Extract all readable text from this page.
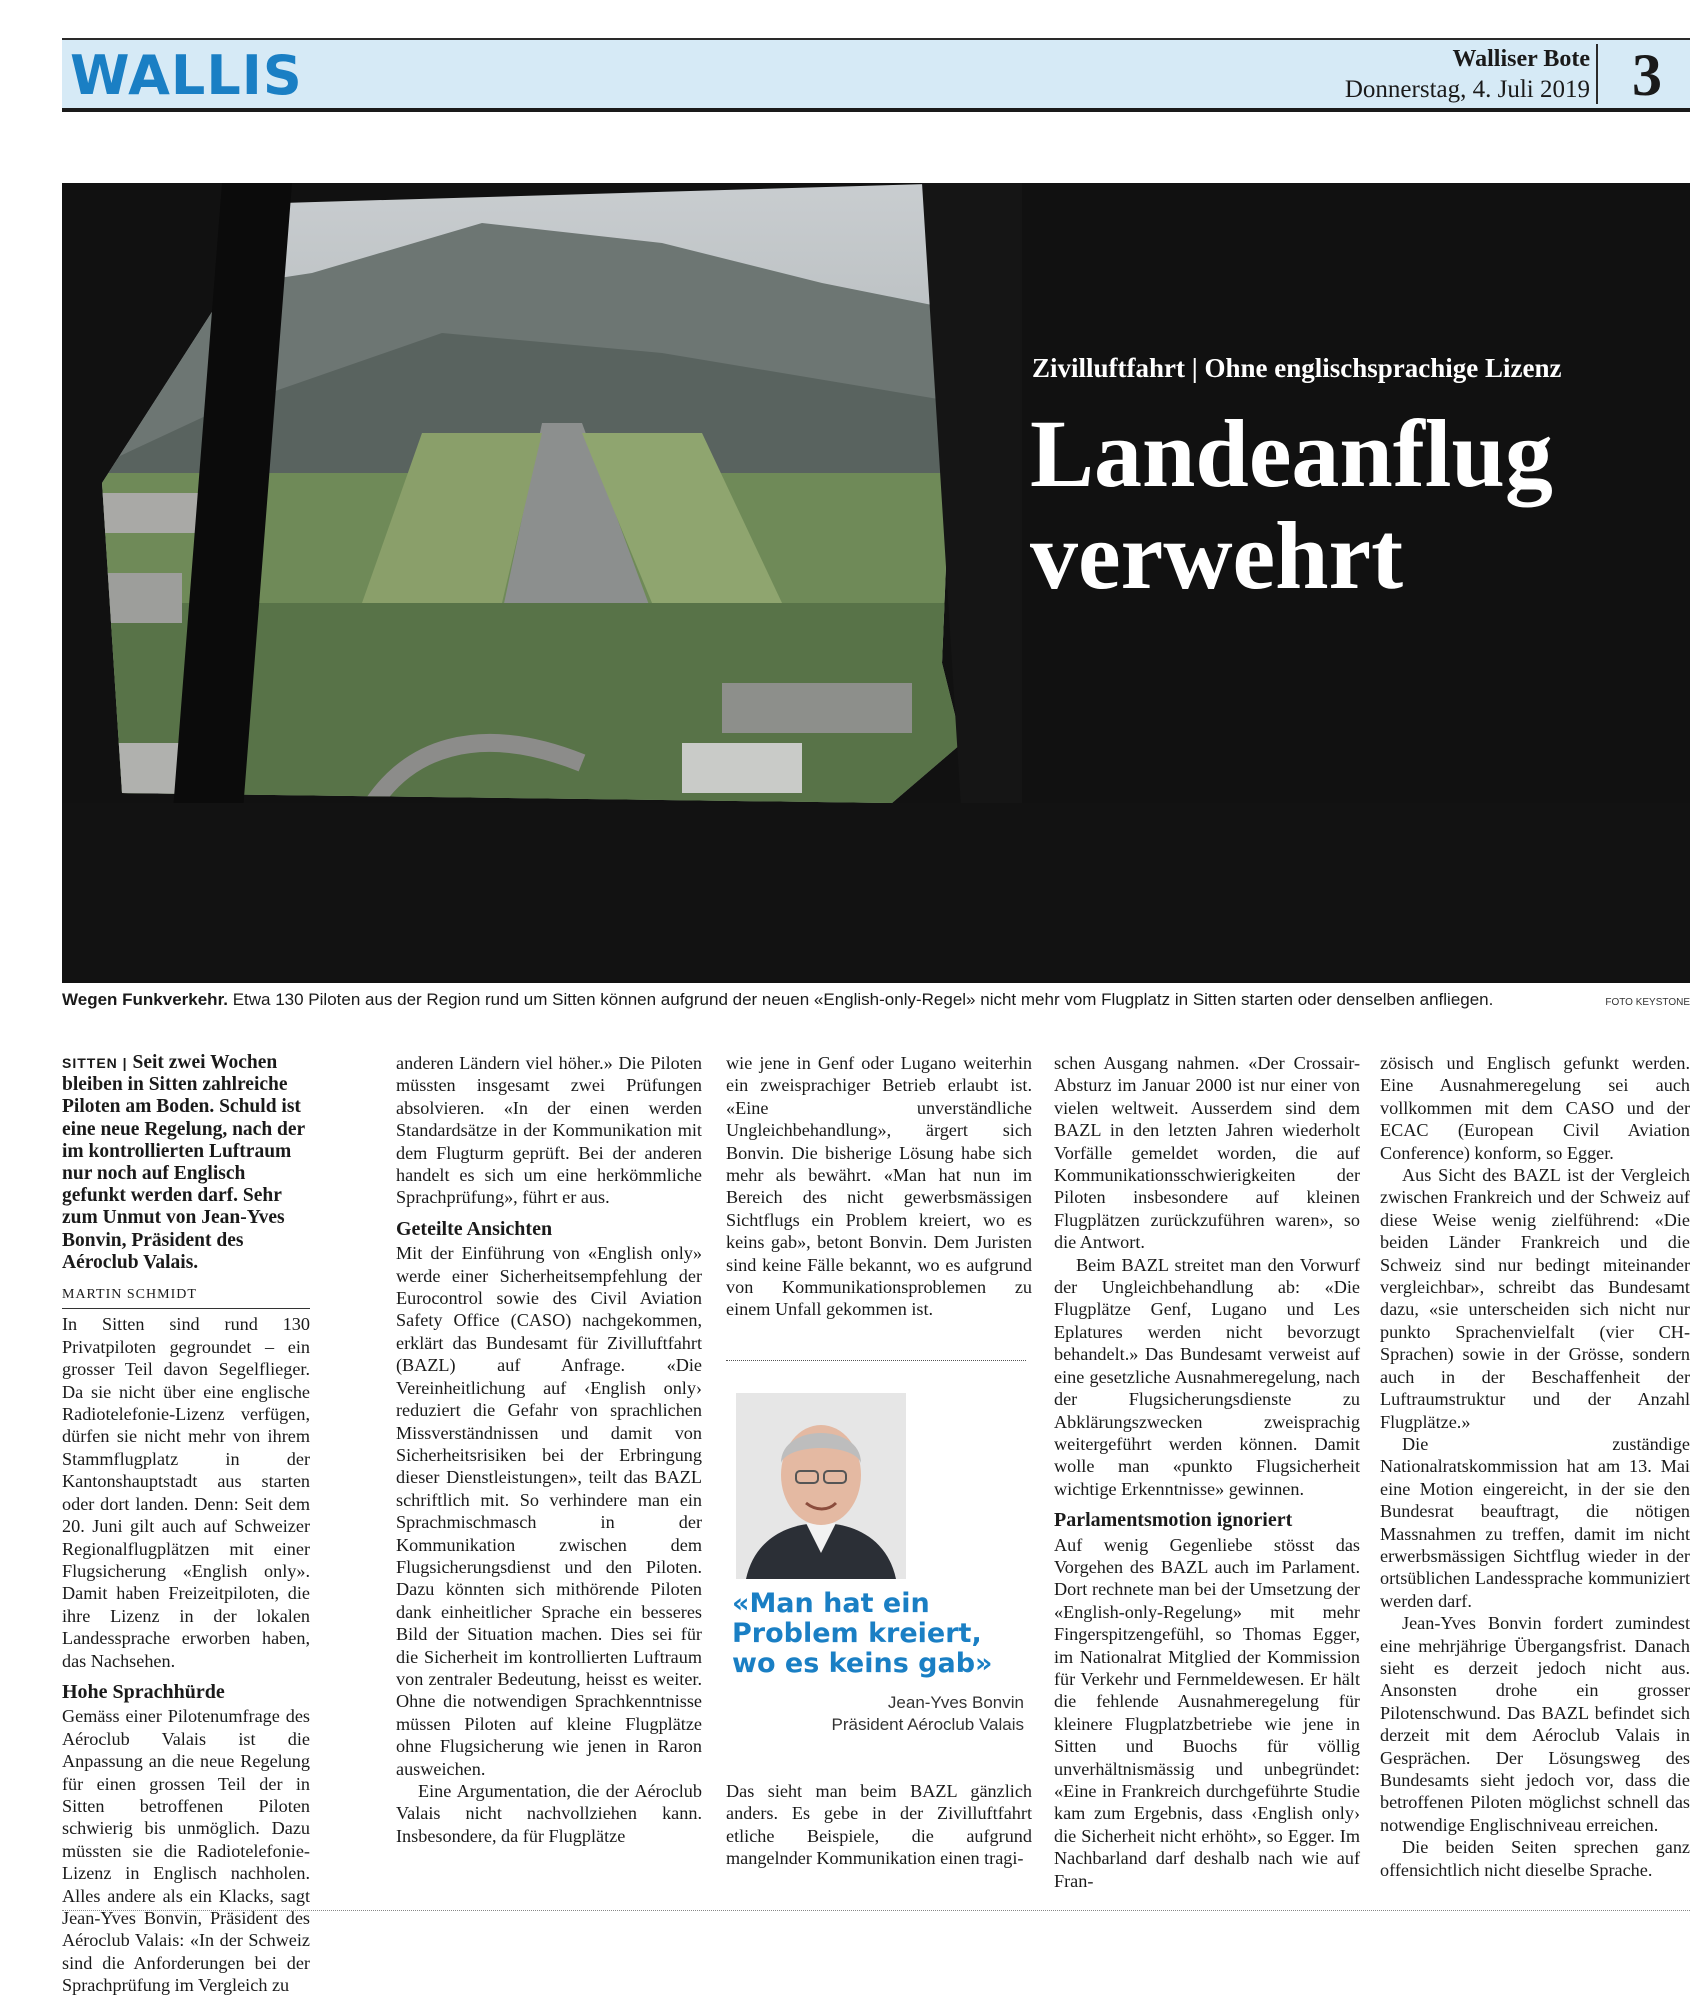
WALLIS	Walliser Bote
Donnerstag, 4. Juli 2019 3
Zivilluftfahrt | Ohne englischsprachige Lizenz
Landeanflug
verwehrt
Wegen Funkverkehr. Etwa 130 Piloten aus der Region rund um Sitten können aufgrund der neuen «English-only-Regel» nicht mehr vom Flugplatz in Sitten starten oder denselben anfliegen.	FOTO KEYSTONE

SITTEN | Seit zwei Wochen bleiben in Sitten zahlreiche Piloten am Boden. Schuld ist eine neue Regelung, nach der im kontrollierten Luftraum nur noch auf Englisch gefunkt werden darf. Sehr zum Unmut von Jean-Yves Bonvin, Präsident des Aéroclub Valais.

MARTIN SCHMIDT

In Sitten sind rund 130 Privatpiloten gegroundet – ein grosser Teil davon Segelflieger. Da sie nicht über eine englische Radiotelefonie-Lizenz verfügen, dürfen sie nicht mehr von ihrem Stammflugplatz in der Kantonshauptstadt aus starten oder dort landen. Denn: Seit dem 20. Juni gilt auch auf Schweizer Regionalflugplätzen mit einer Flugsicherung «English only». Damit haben Freizeitpiloten, die ihre Lizenz in der lokalen Landessprache erworben haben, das Nachsehen.

Hohe Sprachhürde

Gemäss einer Pilotenumfrage des Aéroclub Valais ist die Anpassung an die neue Regelung für einen grossen Teil der in Sitten betroffenen Piloten schwierig bis unmöglich. Dazu müssten sie die Radiotelefonie-Lizenz in Englisch nachholen. Alles andere als ein Klacks, sagt Jean-Yves Bonvin, Präsident des Aéroclub Valais: «In der Schweiz sind die Anforderungen bei der Sprachprüfung im Vergleich zu

anderen Ländern viel höher.» Die Piloten müssten insgesamt zwei Prüfungen absolvieren. «In der einen werden Standardsätze in der Kommunikation mit dem Flugturm geprüft. Bei der anderen handelt es sich um eine herkömmliche Sprachprüfung», führt er aus.

Geteilte Ansichten

Mit der Einführung von «English only» werde einer Sicherheitsempfehlung der Eurocontrol sowie des Civil Aviation Safety Office (CASO) nachgekommen, erklärt das Bundesamt für Zivilluftfahrt (BAZL) auf Anfrage. «Die Vereinheitlichung auf ‹English only› reduziert die Gefahr von sprachlichen Missverständnissen und damit von Sicherheitsrisiken bei der Erbringung dieser Dienstleistungen», teilt das BAZL schriftlich mit. So verhindere man ein Sprachmischmasch in der Kommunikation zwischen dem Flugsicherungsdienst und den Piloten. Dazu könnten sich mithörende Piloten dank einheitlicher Sprache ein besseres Bild der Situation machen. Dies sei für die Sicherheit im kontrollierten Luftraum von zentraler Bedeutung, heisst es weiter. Ohne die notwendigen Sprachkenntnisse müssen Piloten auf kleine Flugplätze ohne Flugsicherung wie jenen in Raron ausweichen.

Eine Argumentation, die der Aéroclub Valais nicht nachvollziehen kann. Insbesondere, da für Flugplätze

wie jene in Genf oder Lugano weiterhin ein zweisprachiger Betrieb erlaubt ist. «Eine unverständliche Ungleichbehandlung», ärgert sich Bonvin. Die bisherige Lösung habe sich mehr als bewährt. «Man hat nun im Bereich des nicht gewerbsmässigen Sichtflugs ein Problem kreiert, wo es keins gab», betont Bonvin. Dem Juristen sind keine Fälle bekannt, wo es aufgrund von Kommunikationsproblemen zu einem Unfall gekommen ist.

«Man hat ein
Problem kreiert,
wo es keins gab»
Jean-Yves Bonvin
Präsident Aéroclub Valais

Das sieht man beim BAZL gänzlich anders. Es gebe in der Zivilluftfahrt etliche Beispiele, die aufgrund mangelnder Kommunikation einen tragi-

schen Ausgang nahmen. «Der Crossair-Absturz im Januar 2000 ist nur einer von vielen weltweit. Ausserdem sind dem BAZL in den letzten Jahren wiederholt Vorfälle gemeldet worden, die auf Kommunikationsschwierigkeiten der Piloten insbesondere auf kleinen Flugplätzen zurückzuführen waren», so die Antwort.

Beim BAZL streitet man den Vorwurf der Ungleichbehandlung ab: «Die Flugplätze Genf, Lugano und Les Eplatures werden nicht bevorzugt behandelt.» Das Bundesamt verweist auf eine gesetzliche Ausnahmeregelung, nach der Flugsicherungsdienste zu Abklärungszwecken zweisprachig weitergeführt werden können. Damit wolle man «punkto Flugsicherheit wichtige Erkenntnisse» gewinnen.

Parlamentsmotion ignoriert

Auf wenig Gegenliebe stösst das Vorgehen des BAZL auch im Parlament. Dort rechnete man bei der Umsetzung der «English-only-Regelung» mit mehr Fingerspitzengefühl, so Thomas Egger, im Nationalrat Mitglied der Kommission für Verkehr und Fernmeldewesen. Er hält die fehlende Ausnahmeregelung für kleinere Flugplatzbetriebe wie jene in Sitten und Buochs für völlig unverhältnismässig und unbegründet: «Eine in Frankreich durchgeführte Studie kam zum Ergebnis, dass ‹English only› die Sicherheit nicht erhöht», so Egger. Im Nachbarland darf deshalb nach wie auf Fran-

zösisch und Englisch gefunkt werden. Eine Ausnahmeregelung sei auch vollkommen mit dem CASO und der ECAC (European Civil Aviation Conference) konform, so Egger.

Aus Sicht des BAZL ist der Vergleich zwischen Frankreich und der Schweiz auf diese Weise wenig zielführend: «Die beiden Länder Frankreich und die Schweiz sind nur bedingt miteinander vergleichbar», schreibt das Bundesamt dazu, «sie unterscheiden sich nicht nur punkto Sprachenvielfalt (vier CH-Sprachen) sowie in der Grösse, sondern auch in der Beschaffenheit der Luftraumstruktur und der Anzahl Flugplätze.»

Die zuständige Nationalratskommission hat am 13. Mai eine Motion eingereicht, in der sie den Bundesrat beauftragt, die nötigen Massnahmen zu treffen, damit im nicht erwerbsmässigen Sichtflug wieder in der ortsüblichen Landessprache kommuniziert werden darf.

Jean-Yves Bonvin fordert zumindest eine mehrjährige Übergangsfrist. Danach sieht es derzeit jedoch nicht aus. Ansonsten drohe ein grosser Pilotenschwund. Das BAZL befindet sich derzeit mit dem Aéroclub Valais in Gesprächen. Der Lösungsweg des Bundesamts sieht jedoch vor, dass die betroffenen Piloten möglichst schnell das notwendige Englischniveau erreichen.

Die beiden Seiten sprechen ganz offensichtlich nicht dieselbe Sprache.
